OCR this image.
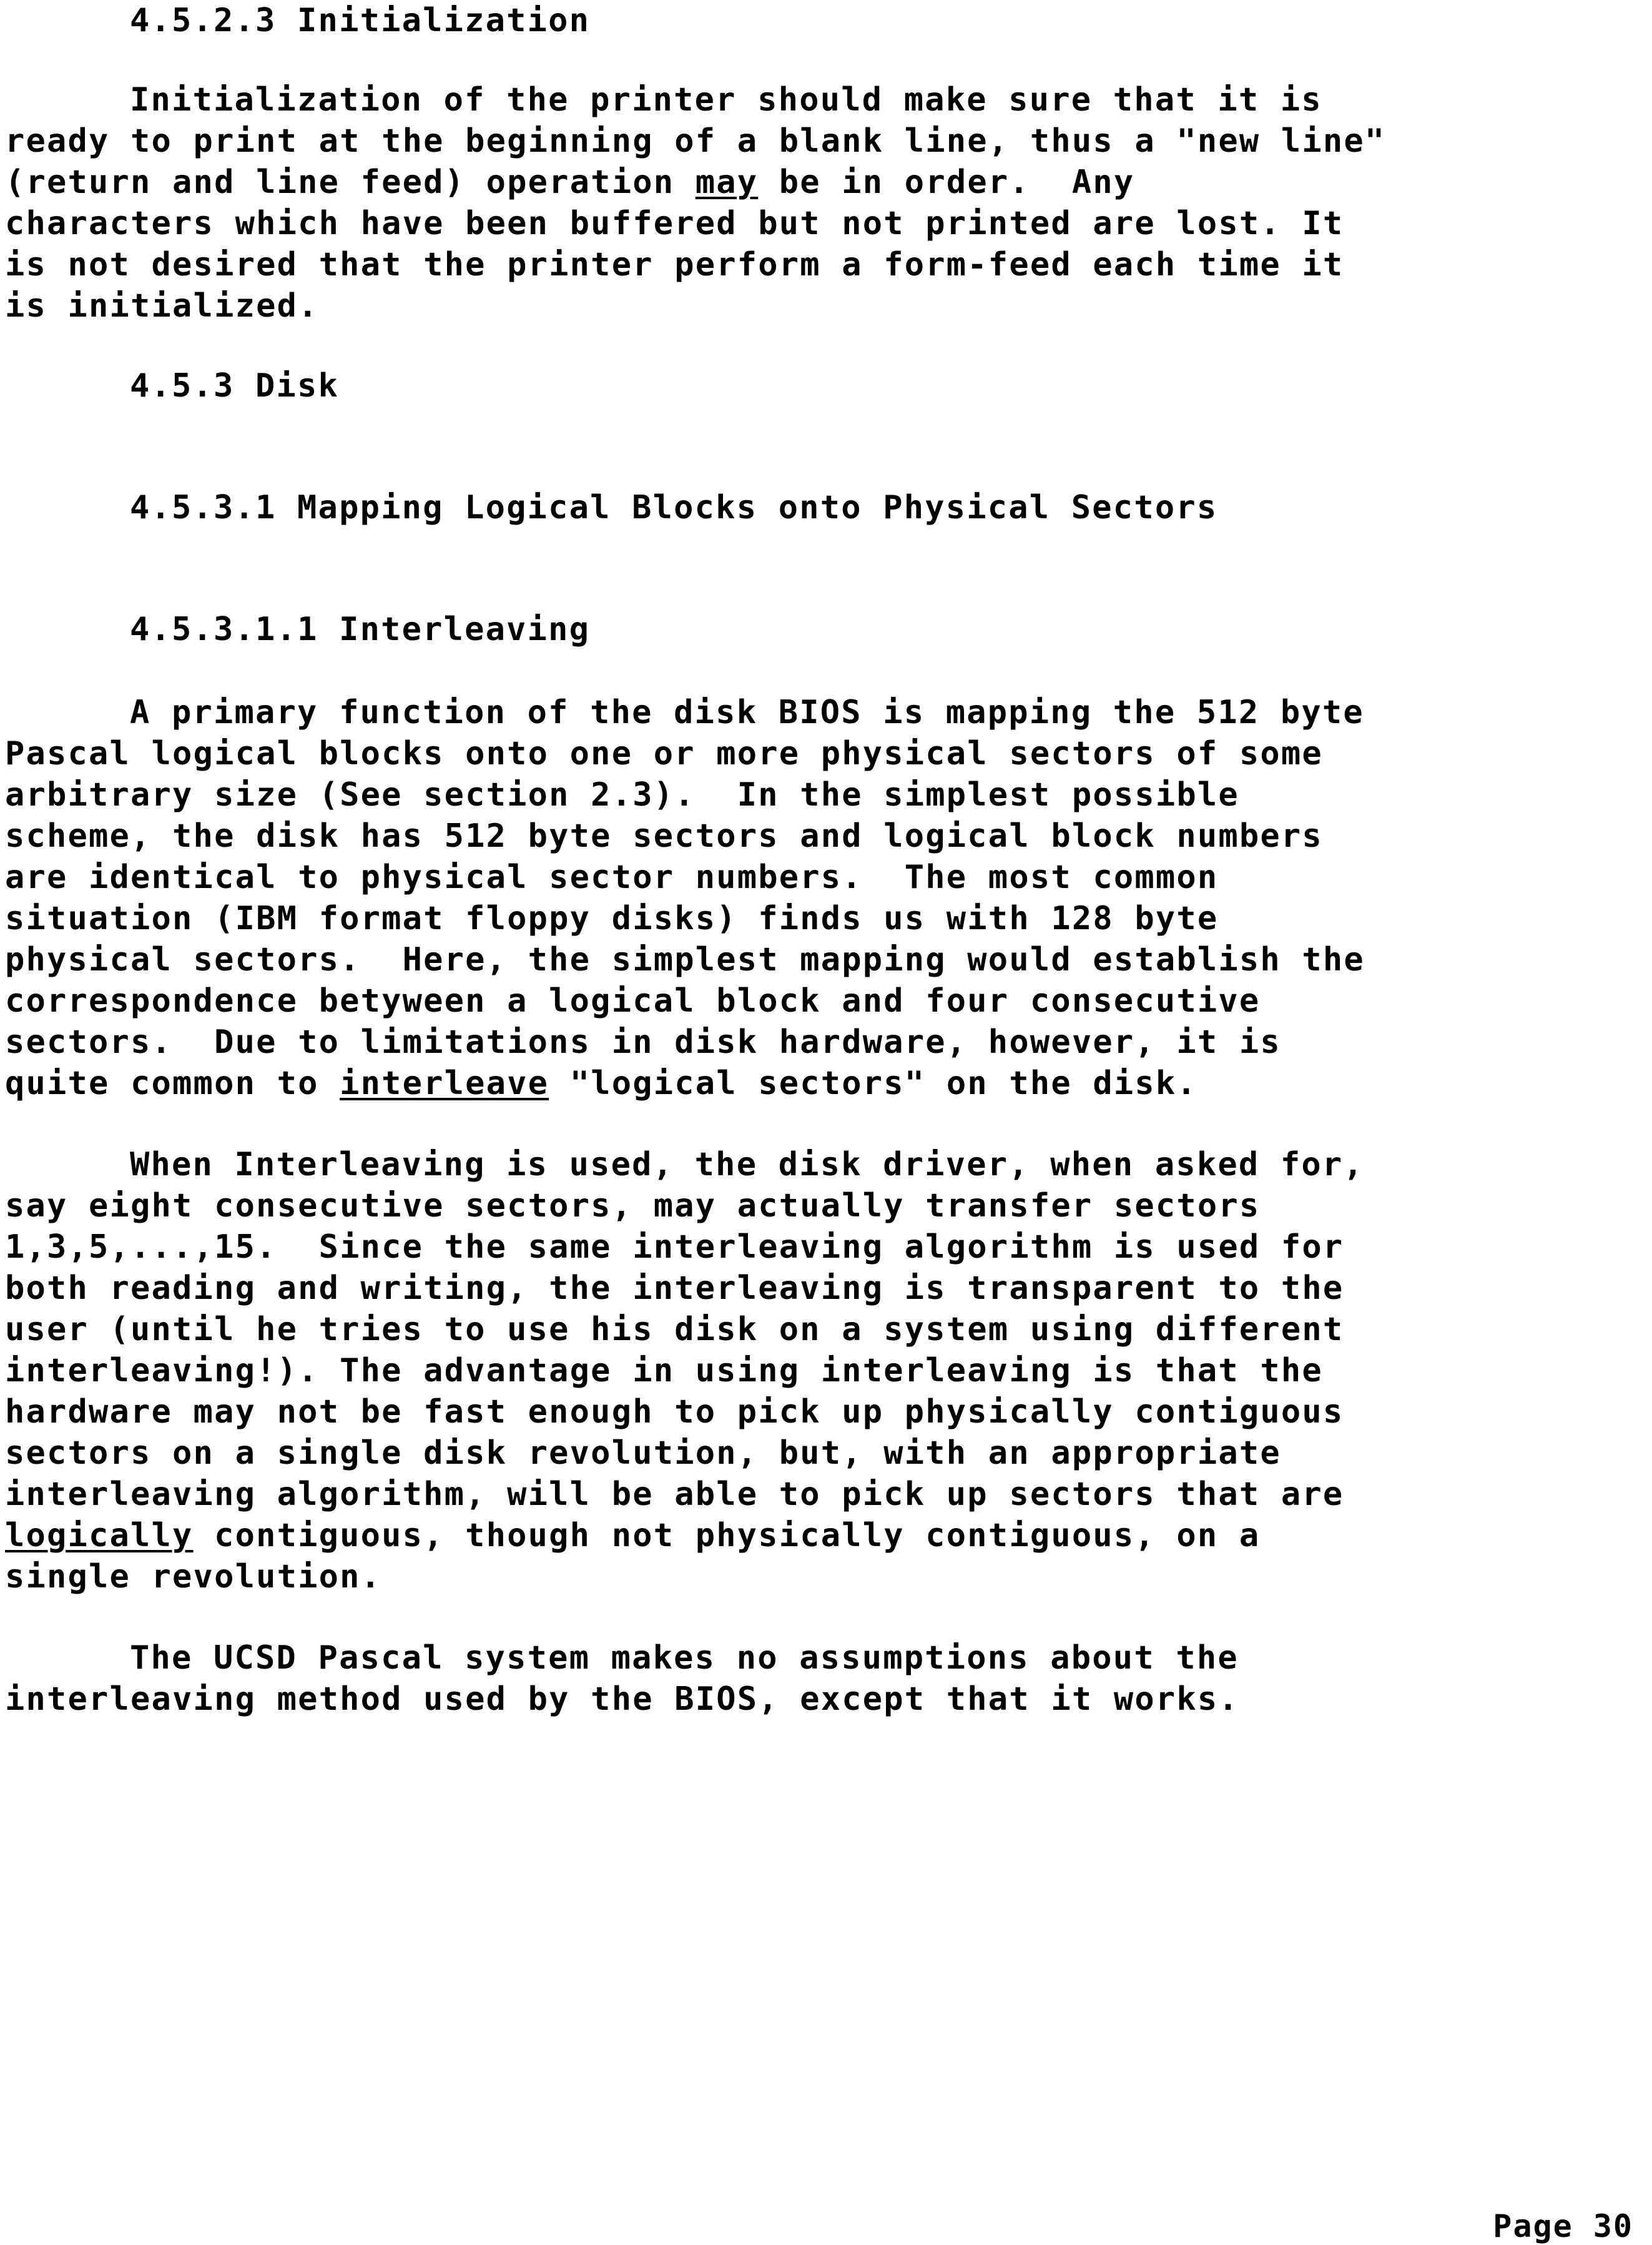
4.5.2.3 Initialization
Initialization of the printer should make sure that it is
ready to print at the beginning of a blank line, thus a "new line"
(return and line feed) operation may be in order.  Any
characters which have been buffered but not printed are lost. It
is not desired that the printer perform a form-feed each time it
is initialized.
4.5.3 Disk
4.5.3.1 Mapping Logical Blocks onto Physical Sectors
4.5.3.1.1 Interleaving
A primary function of the disk BIOS is mapping the 512 byte
Pascal logical blocks onto one or more physical sectors of some
arbitrary size (See section 2.3).  In the simplest possible
scheme, the disk has 512 byte sectors and logical block numbers
are identical to physical sector numbers.  The most common
situation (IBM format floppy disks) finds us with 128 byte
physical sectors.  Here, the simplest mapping would establish the
correspondence betyween a logical block and four consecutive
sectors.  Due to limitations in disk hardware, however, it is
quite common to interleave "logical sectors" on the disk.
When Interleaving is used, the disk driver, when asked for,
say eight consecutive sectors, may actually transfer sectors
1,3,5,...,15.  Since the same interleaving algorithm is used for
both reading and writing, the interleaving is transparent to the
user (until he tries to use his disk on a system using different
interleaving!). The advantage in using interleaving is that the
hardware may not be fast enough to pick up physically contiguous
sectors on a single disk revolution, but, with an appropriate
interleaving algorithm, will be able to pick up sectors that are
logically contiguous, though not physically contiguous, on a
single revolution.
The UCSD Pascal system makes no assumptions about the
interleaving method used by the BIOS, except that it works.
Page 30
